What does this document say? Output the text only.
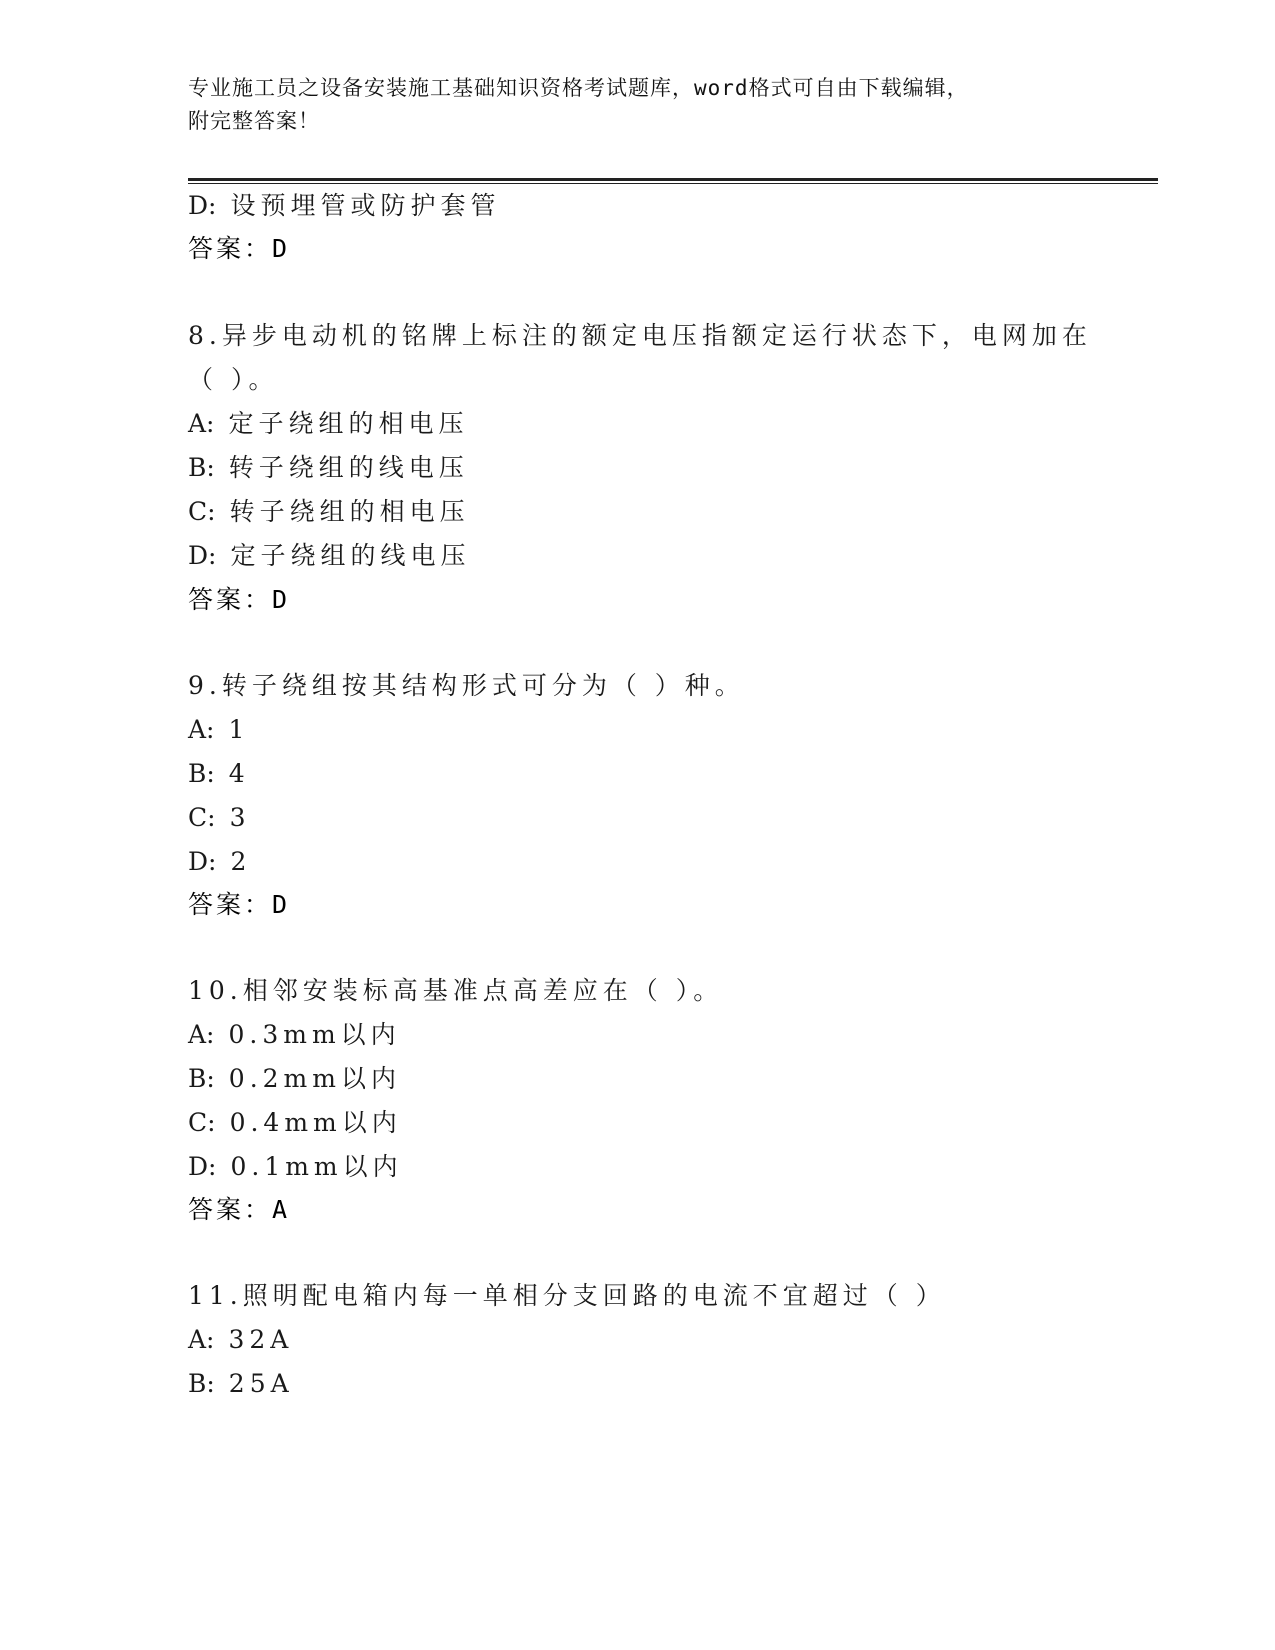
专业施工员之设备安装施工基础知识资格考试题库，word格式可自由下载编辑，
附完整答案！
D: 设预埋管或防护套管
答案：D
8.异步电动机的铭牌上标注的额定电压指额定运行状态下，电网加在
（ ）。
A: 定子绕组的相电压
B: 转子绕组的线电压
C: 转子绕组的相电压
D: 定子绕组的线电压
答案：D
9.转子绕组按其结构形式可分为（ ）种。
A: 1
B: 4
C: 3
D: 2
答案：D
10.相邻安装标高基准点高差应在（ ）。
A: 0.3mm以内
B: 0.2mm以内
C: 0.4mm以内
D: 0.1mm以内
答案：A
11.照明配电箱内每一单相分支回路的电流不宜超过（ ）
A: 32A
B: 25A
